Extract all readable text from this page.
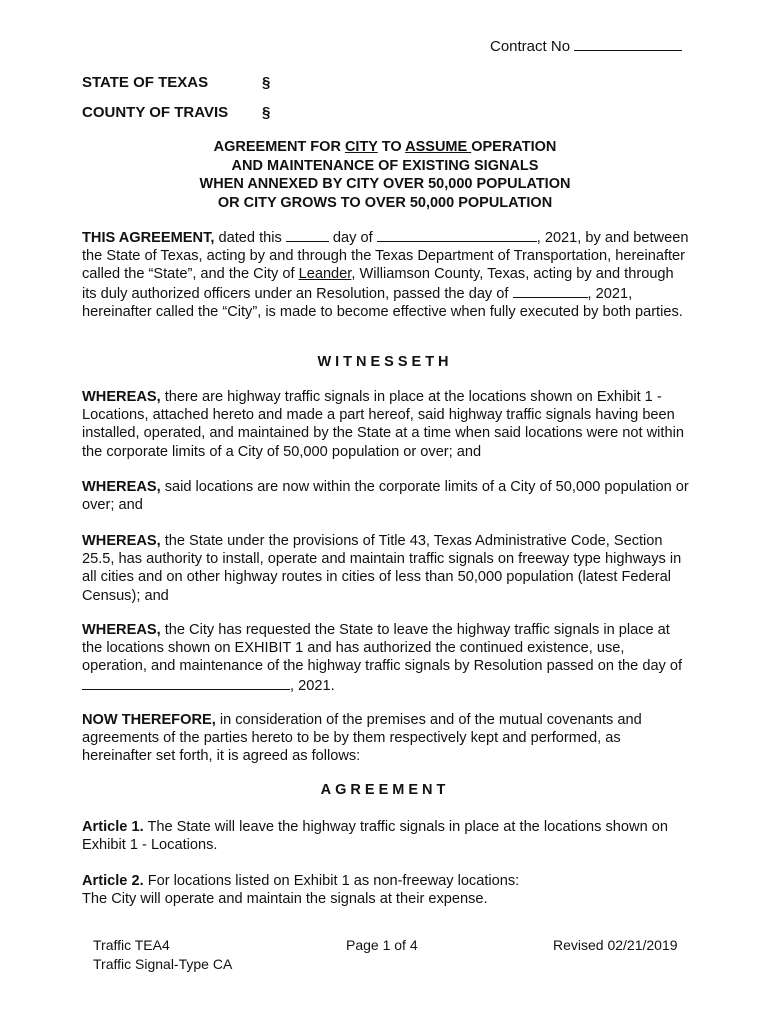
Contract No
STATE OF TEXAS	§
COUNTY OF TRAVIS §
AGREEMENT FOR CITY TO ASSUME OPERATION
AND MAINTENANCE OF EXISTING SIGNALS
WHEN ANNEXED BY CITY OVER 50,000 POPULATION
OR CITY GROWS TO OVER 50,000 POPULATION
THIS AGREEMENT, dated this	day of	, 2021, by and between the State of Texas, acting by and through the Texas Department of Transportation, hereinafter called the “State”, and the City of Leander, Williamson County, Texas, acting by and through its duly authorized officers under an Resolution, passed the day of	, 2021, hereinafter called the “City”, is made to become effective when fully executed by both parties.
WITNESSETH
WHEREAS, there are highway traffic signals in place at the locations shown on Exhibit 1 - Locations, attached hereto and made a part hereof, said highway traffic signals having been installed, operated, and maintained by the State at a time when said locations were not within the corporate limits of a City of 50,000 population or over; and
WHEREAS, said locations are now within the corporate limits of a City of 50,000 population or over; and
WHEREAS, the State under the provisions of Title 43, Texas Administrative Code, Section 25.5, has authority to install, operate and maintain traffic signals on freeway type highways in all cities and on other highway routes in cities of less than 50,000 population (latest Federal Census); and
WHEREAS, the City has requested the State to leave the highway traffic signals in place at the locations shown on EXHIBIT 1 and has authorized the continued existence, use, operation, and maintenance of the highway traffic signals by Resolution passed on the day of , 2021.
NOW THEREFORE, in consideration of the premises and of the mutual covenants and agreements of the parties hereto to be by them respectively kept and performed, as hereinafter set forth, it is agreed as follows:
AGREEMENT
Article 1. The State will leave the highway traffic signals in place at the locations shown on Exhibit 1 - Locations.
Article 2. For locations listed on Exhibit 1 as non-freeway locations:
The City will operate and maintain the signals at their expense.
Traffic TEA4
Traffic Signal-Type CA
Page 1 of 4	Revised 02/21/2019
